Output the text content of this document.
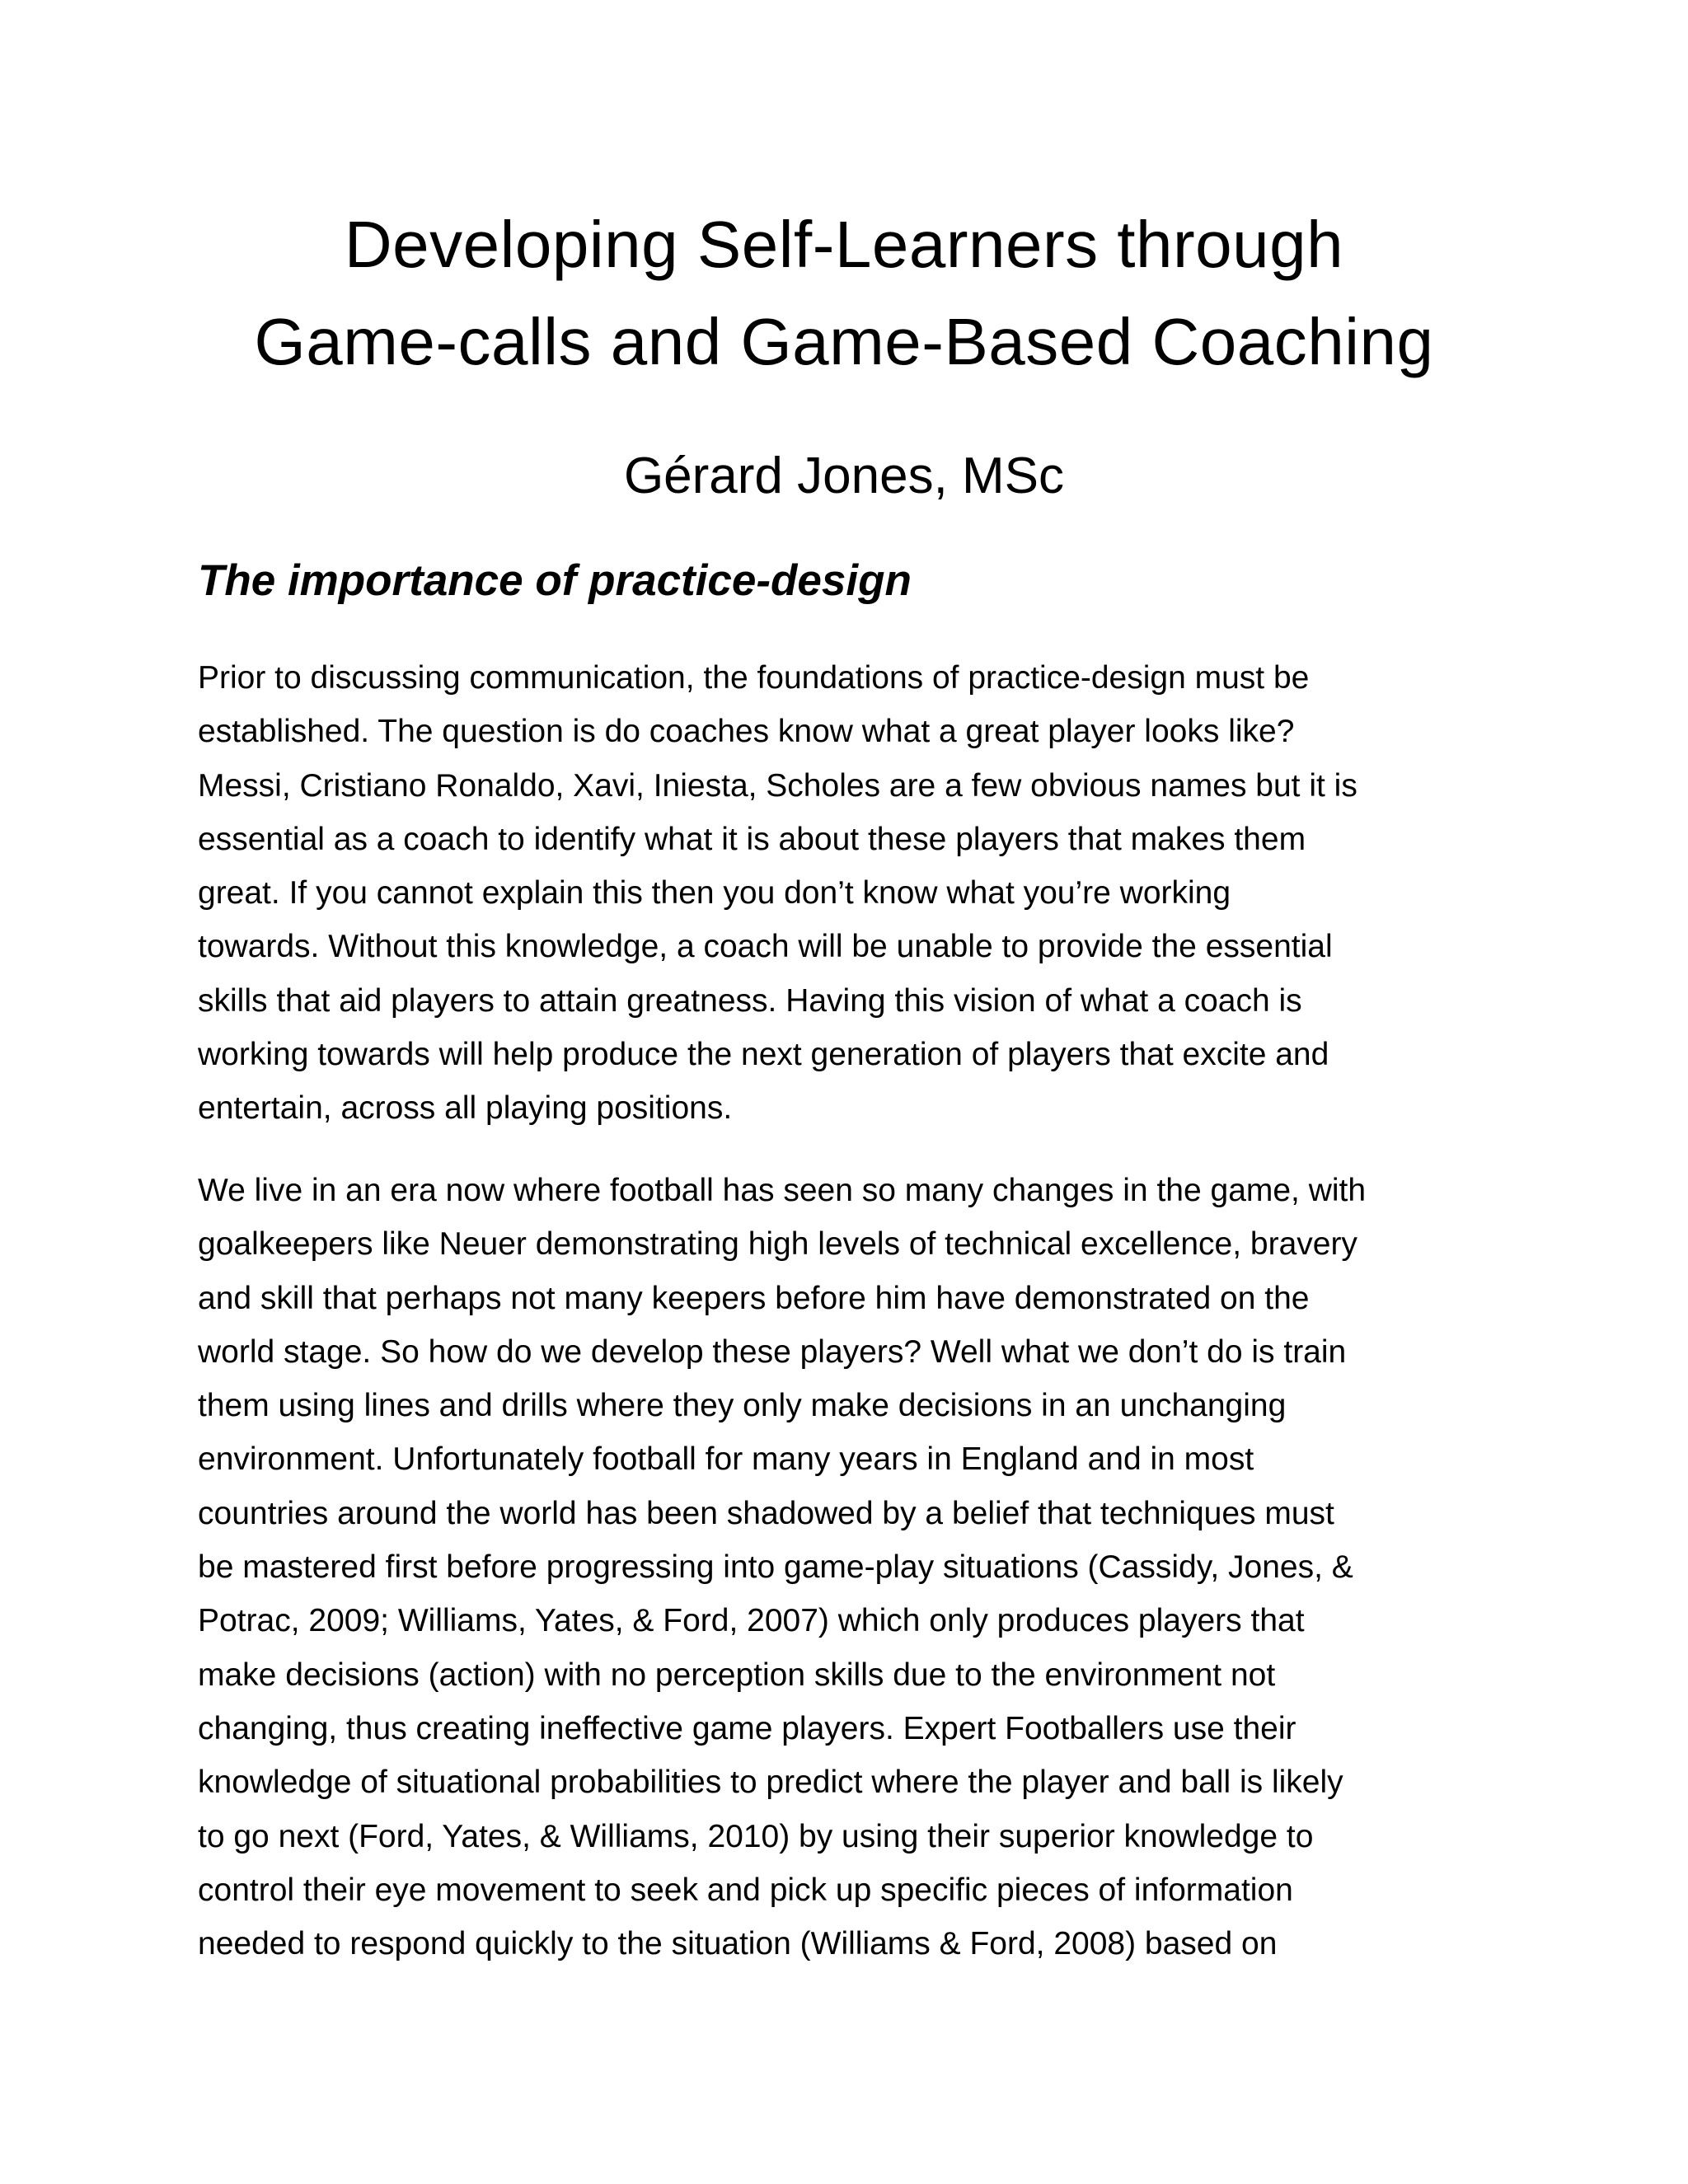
Developing Self-Learners through
Game-calls and Game-Based Coaching
Gérard Jones, MSc
The importance of practice-design
Prior to discussing communication, the foundations of practice-design must be
established. The question is do coaches know what a great player looks like?
Messi, Cristiano Ronaldo, Xavi, Iniesta, Scholes are a few obvious names but it is
essential as a coach to identify what it is about these players that makes them
great. If you cannot explain this then you don’t know what you’re working
towards. Without this knowledge, a coach will be unable to provide the essential
skills that aid players to attain greatness. Having this vision of what a coach is
working towards will help produce the next generation of players that excite and
entertain, across all playing positions.
We live in an era now where football has seen so many changes in the game, with
goalkeepers like Neuer demonstrating high levels of technical excellence, bravery
and skill that perhaps not many keepers before him have demonstrated on the
world stage. So how do we develop these players? Well what we don’t do is train
them using lines and drills where they only make decisions in an unchanging
environment. Unfortunately football for many years in England and in most
countries around the world has been shadowed by a belief that techniques must
be mastered first before progressing into game-play situations (Cassidy, Jones, &
Potrac, 2009; Williams, Yates, & Ford, 2007) which only produces players that
make decisions (action) with no perception skills due to the environment not
changing, thus creating ineffective game players. Expert Footballers use their
knowledge of situational probabilities to predict where the player and ball is likely
to go next (Ford, Yates, & Williams, 2010) by using their superior knowledge to
control their eye movement to seek and pick up specific pieces of information
needed to respond quickly to the situation (Williams & Ford, 2008) based on
